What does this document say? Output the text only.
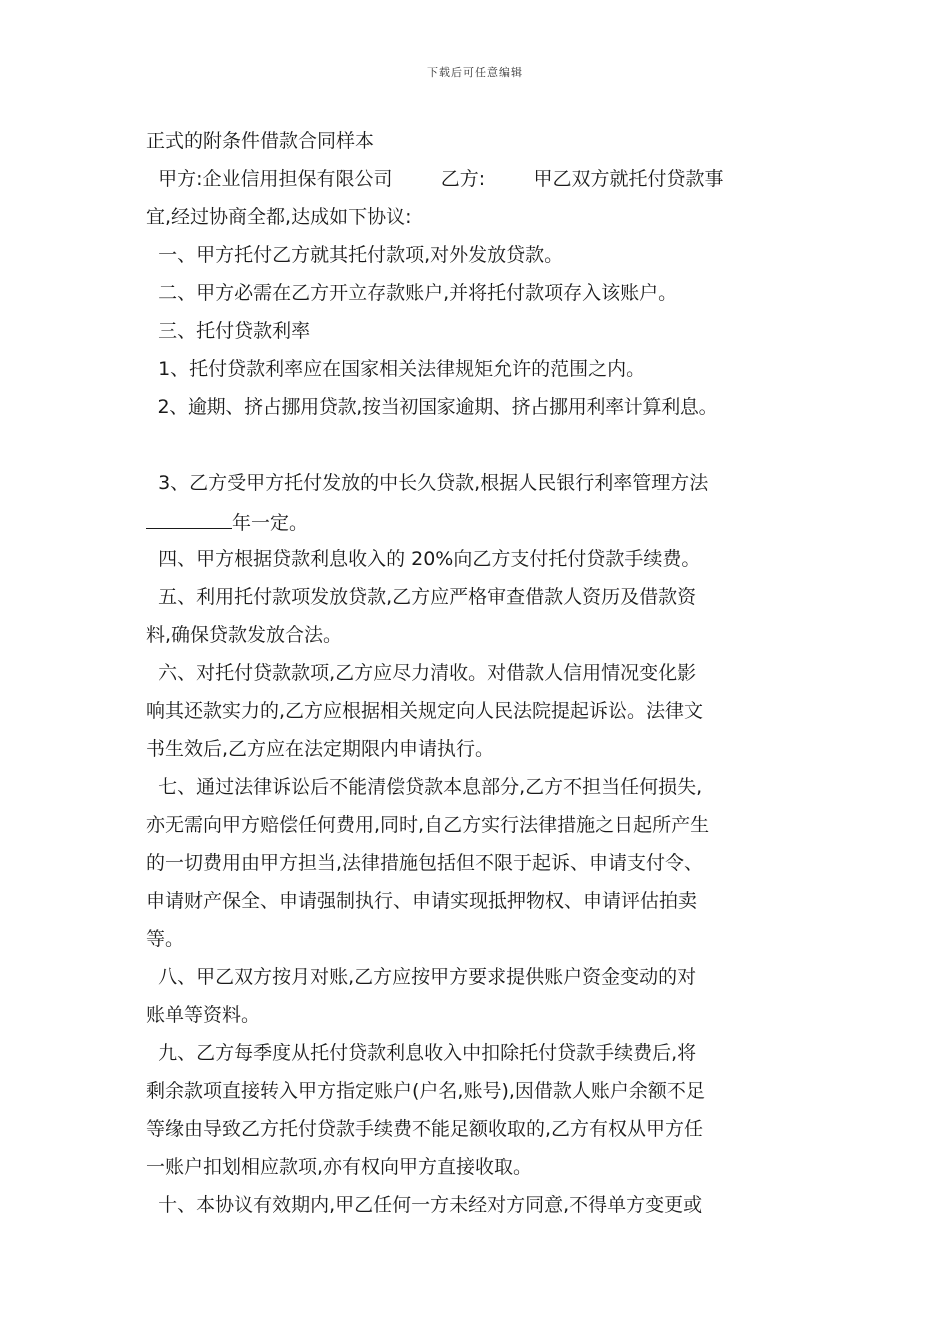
下载后可任意编辑
正式的附条件借款合同样本
甲方:企业信用担保有限公司        乙方:        甲乙双方就托付贷款事
宜,经过协商全都,达成如下协议:
一、甲方托付乙方就其托付款项,对外发放贷款。
二、甲方必需在乙方开立存款账户,并将托付款项存入该账户。
三、托付贷款利率
1、托付贷款利率应在国家相关法律规矩允许的范围之内。
2、逾期、挤占挪用贷款,按当初国家逾期、挤占挪用利率计算利息。
3、乙方受甲方托付发放的中长久贷款,根据人民银行利率管理方法
年一定。
四、甲方根据贷款利息收入的 20%向乙方支付托付贷款手续费。
五、利用托付款项发放贷款,乙方应严格审查借款人资历及借款资
料,确保贷款发放合法。
六、对托付贷款款项,乙方应尽力清收。对借款人信用情况变化影
响其还款实力的,乙方应根据相关规定向人民法院提起诉讼。法律文
书生效后,乙方应在法定期限内申请执行。
七、通过法律诉讼后不能清偿贷款本息部分,乙方不担当任何损失,
亦无需向甲方赔偿任何费用,同时,自乙方实行法律措施之日起所产生
的一切费用由甲方担当,法律措施包括但不限于起诉、申请支付令、
申请财产保全、申请强制执行、申请实现抵押物权、申请评估拍卖
等。
八、甲乙双方按月对账,乙方应按甲方要求提供账户资金变动的对
账单等资料。
九、乙方每季度从托付贷款利息收入中扣除托付贷款手续费后,将
剩余款项直接转入甲方指定账户(户名,账号),因借款人账户余额不足
等缘由导致乙方托付贷款手续费不能足额收取的,乙方有权从甲方任
一账户扣划相应款项,亦有权向甲方直接收取。
十、本协议有效期内,甲乙任何一方未经对方同意,不得单方变更或
